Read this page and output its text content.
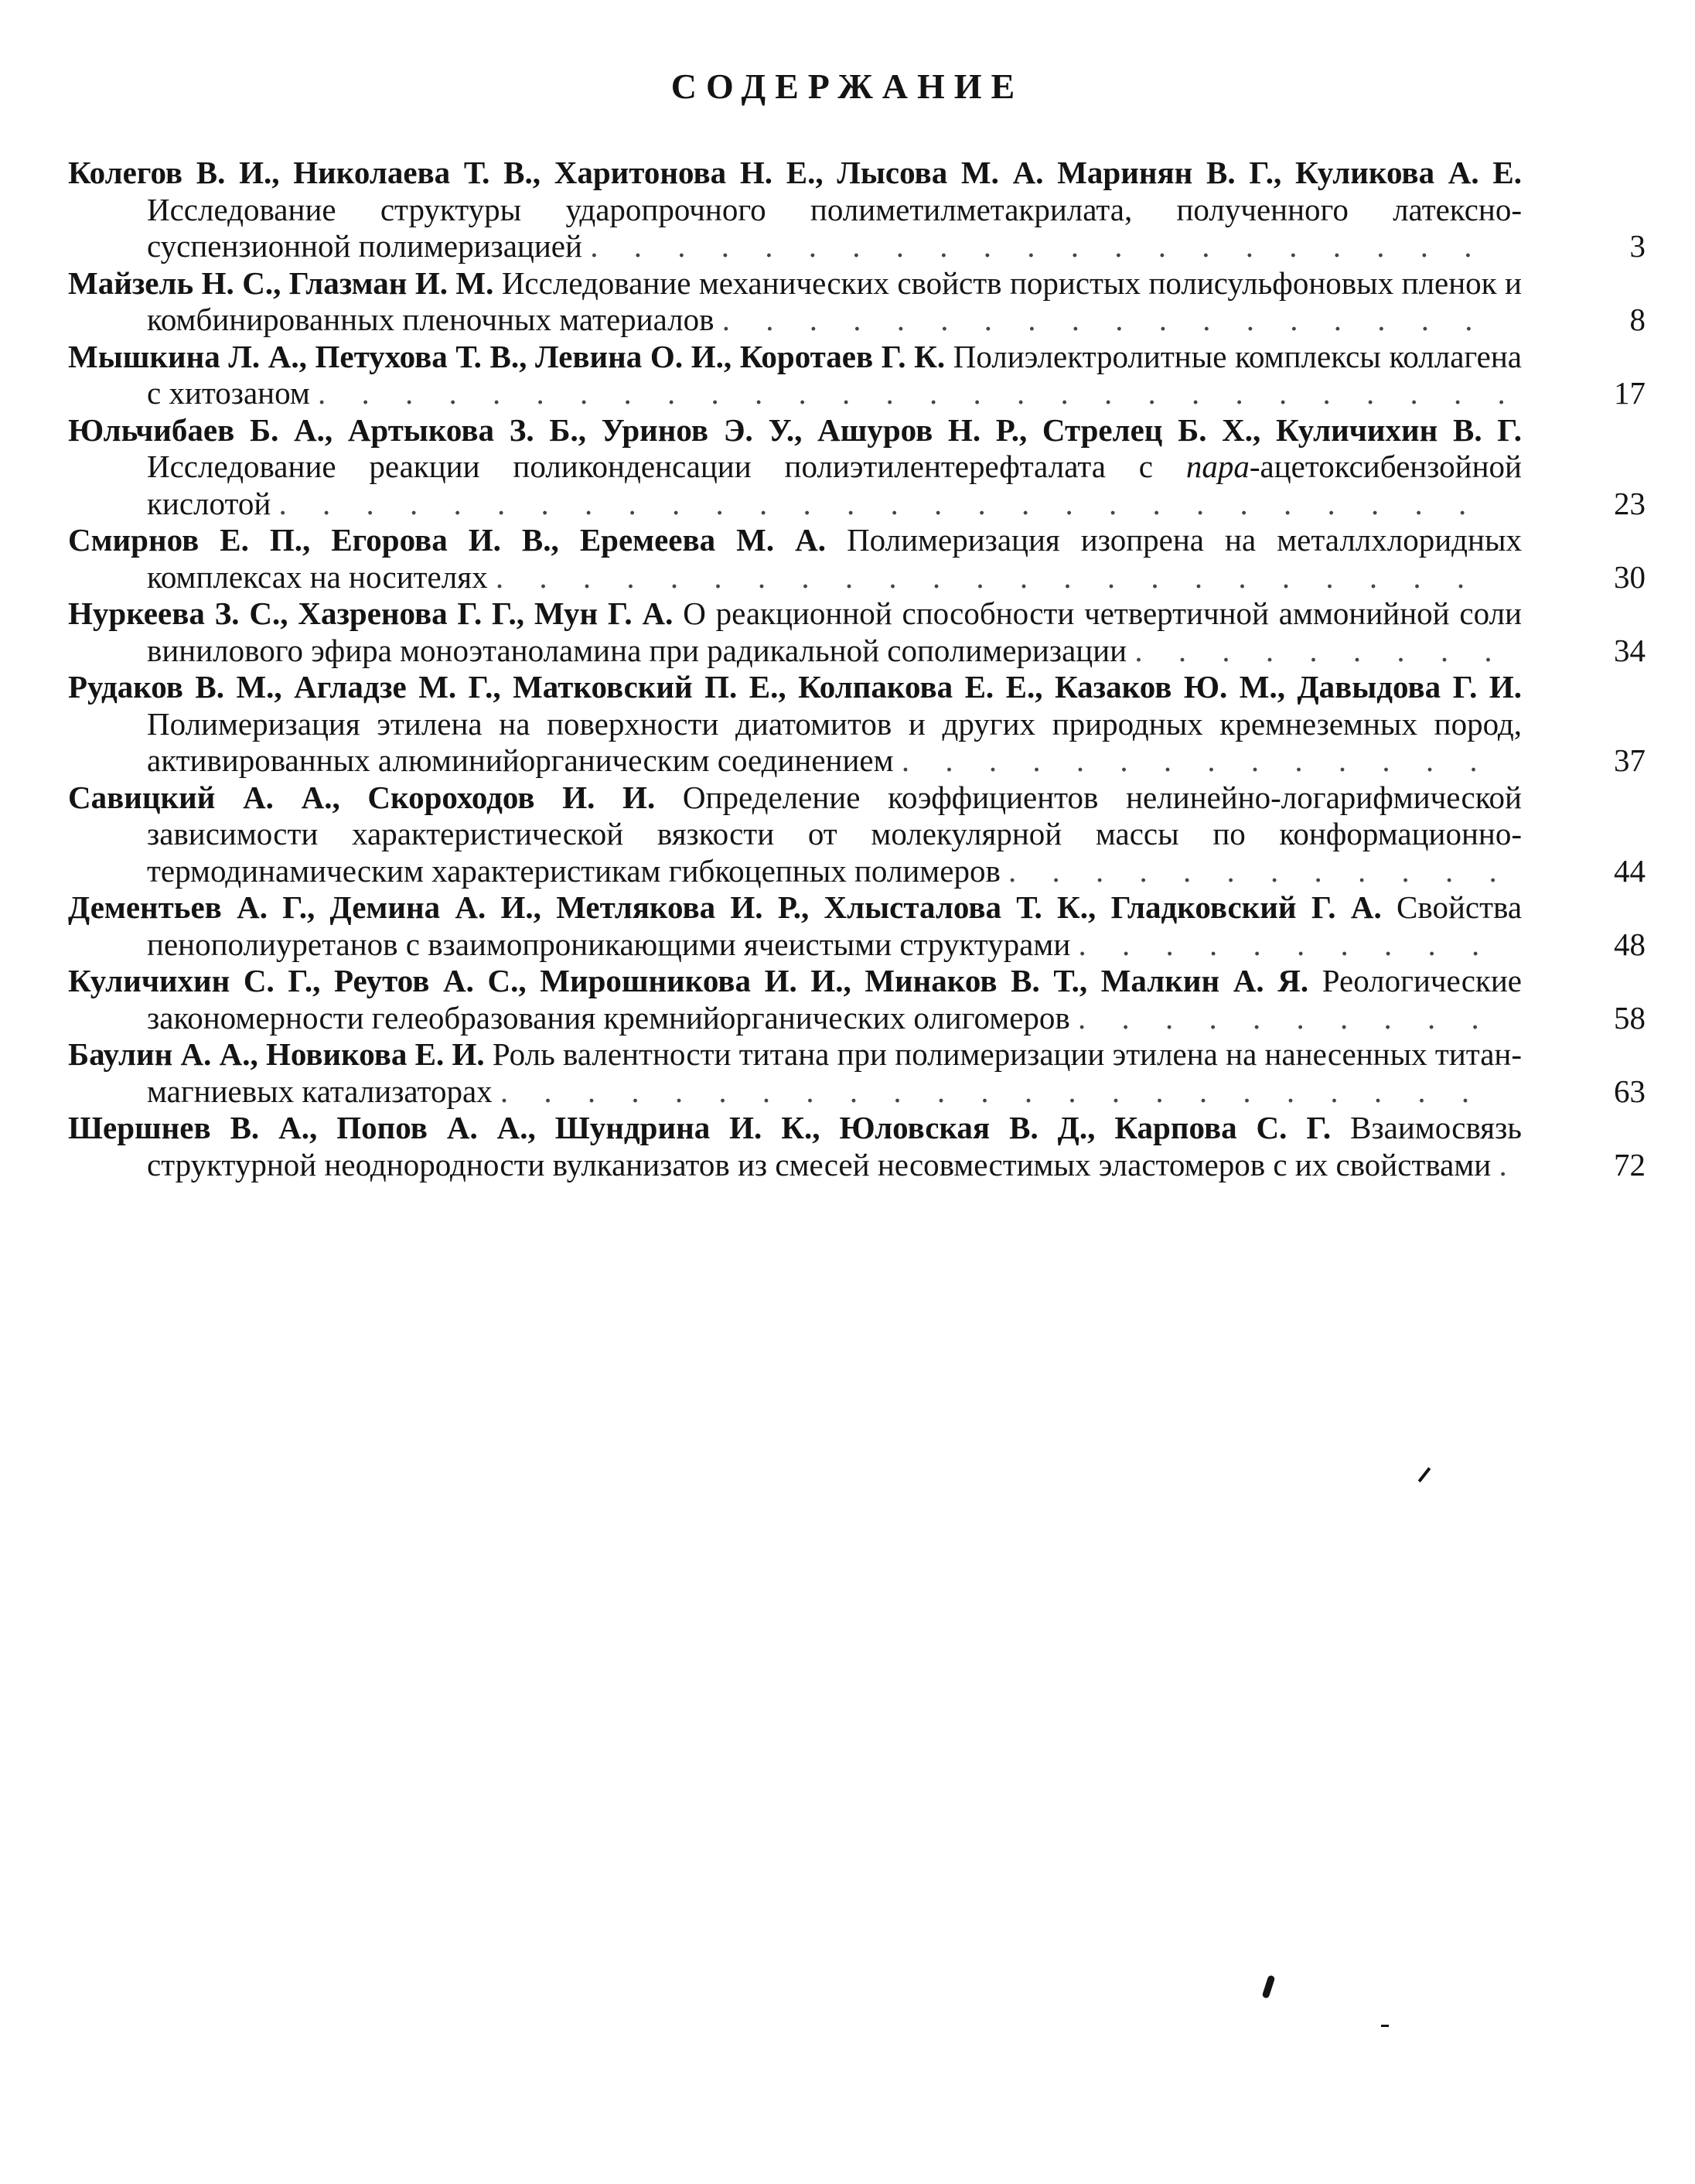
СОДЕРЖАНИЕ
Колегов В. И., Николаева Т. В., Харитонова Н. Е., Лысова М. А. Маринян В. Г., Куликова А. Е. Исследование структуры ударопрочного полиметилметакрилата, полученного латексно-суспензионной полимеризацией . . . . . . . . . . . . . . . . . . . . .	3
Майзель Н. С., Глазман И. М. Исследование механических свойств пористых полисульфоновых пленок и комбинированных пленочных материалов . . . . . . . . . . . . . . . . . .	8
Мышкина Л. А., Петухова Т. В., Левина О. И., Коротаев Г. К. Полиэлектролитные комплексы коллагена с хитозаном . . . . . . . . . . . . . . . . . . . . . . . . . . . .	17
Юльчибаев Б. А., Артыкова З. Б., Уринов Э. У., Ашуров Н. Р., Стрелец Б. Х., Куличихин В. Г. Исследование реакции поликонденсации полиэтилентерефталата с пара-ацетоксибензойной кислотой . . . . . . . . . . . . . . . . . . . . . . . . . . . .	23
Смирнов Е. П., Егорова И. В., Еремеева М. А. Полимеризация изопрена на металлхлоридных комплексах на носителях . . . . . . . . . . . . . . . . . . . . . . .	30
Нуркеева З. С., Хазренова Г. Г., Мун Г. А. О реакционной способности четвертичной аммонийной соли винилового эфира моноэтаноламина при радикальной сополимеризации . . . . . . . . .	34
Рудаков В. М., Агладзе М. Г., Матковский П. Е., Колпакова Е. Е., Казаков Ю. М., Давыдова Г. И. Полимеризация этилена на поверхности диатомитов и других природных кремнеземных пород, активированных алюминийорганическим соединением . . . . . . . . . . . . . .	37
Савицкий А. А., Скороходов И. И. Определение коэффициентов нелинейно-логарифмической зависимости характеристической вязкости от молекулярной массы по конформационно-термодинамическим характеристикам гибкоцепных полимеров . . . . . . . . . . . .	44
Дементьев А. Г., Демина А. И., Метлякова И. Р., Хлысталова Т. К., Гладковский Г. А. Свойства пенополиуретанов с взаимопроникающими ячеистыми структурами . . . . . . . . . .	48
Куличихин С. Г., Реутов А. С., Мирошникова И. И., Минаков В. Т., Малкин А. Я. Реологические закономерности гелеобразования кремнийорганических олигомеров . . . . . . . . . .	58
Баулин А. А., Новикова Е. И. Роль валентности титана при полимеризации этилена на нанесенных титан-магниевых катализаторах . . . . . . . . . . . . . . . . . . . . . . .	63
Шершнев В. А., Попов А. А., Шундрина И. К., Юловская В. Д., Карпова С. Г. Взаимосвязь структурной неоднородности вулканизатов из смесей несовместимых эластомеров с их свойствами .	72
